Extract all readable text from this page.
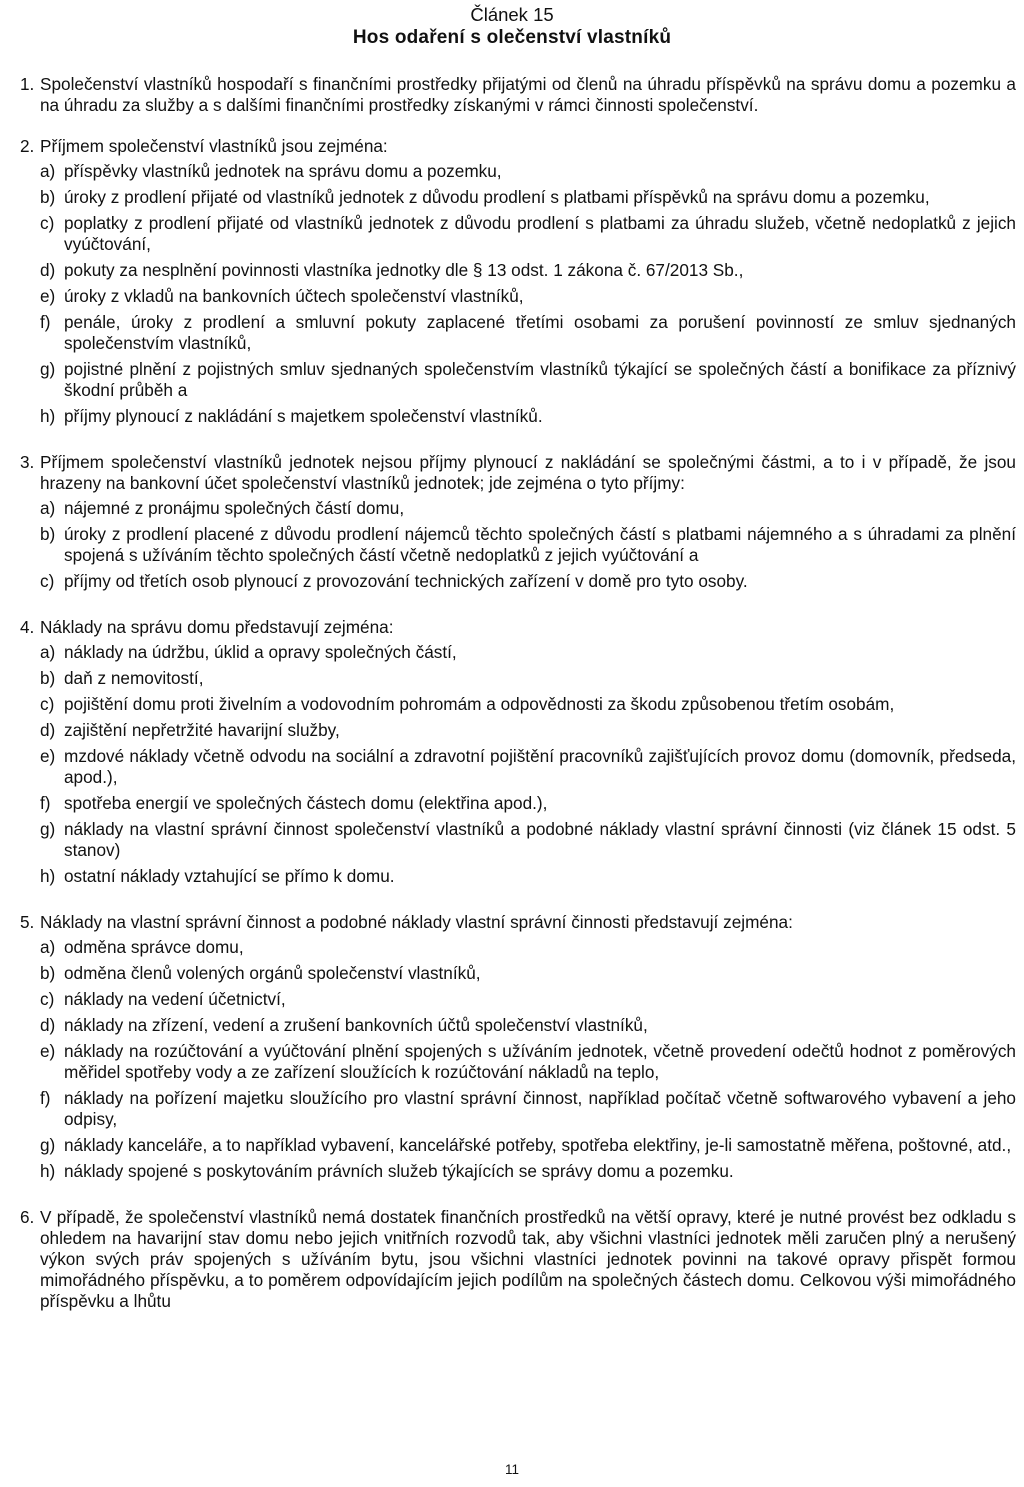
Článek 15
Hos odaření s olečenství vlastníků
1. Společenství vlastníků hospodaří s finančními prostředky přijatými od členů na úhradu příspěvků na správu domu a pozemku a na úhradu za služby a s dalšími finančními prostředky získanými v rámci činnosti společenství.
2. Příjmem společenství vlastníků jsou zejména:
a) příspěvky vlastníků jednotek na správu domu a pozemku,
b) úroky z prodlení přijaté od vlastníků jednotek z důvodu prodlení s platbami příspěvků na správu domu a pozemku,
c) poplatky z prodlení přijaté od vlastníků jednotek z důvodu prodlení s platbami za úhradu služeb, včetně nedoplatků z jejich vyúčtování,
d) pokuty za nesplnění povinnosti vlastníka jednotky dle § 13 odst. 1 zákona č. 67/2013 Sb.,
e) úroky z vkladů na bankovních účtech společenství vlastníků,
f) penále, úroky z prodlení a smluvní pokuty zaplacené třetími osobami za porušení povinností ze smluv sjednaných společenstvím vlastníků,
g) pojistné plnění z pojistných smluv sjednaných společenstvím vlastníků týkající se společných částí a bonifikace za příznivý škodní průběh a
h) příjmy plynoucí z nakládání s majetkem společenství vlastníků.
3. Příjmem společenství vlastníků jednotek nejsou příjmy plynoucí z nakládání se společnými částmi, a to i v případě, že jsou hrazeny na bankovní účet společenství vlastníků jednotek; jde zejména o tyto příjmy:
a) nájemné z pronájmu společných částí domu,
b) úroky z prodlení placené z důvodu prodlení nájemců těchto společných částí s platbami nájemného a s úhradami za plnění spojená s užíváním těchto společných částí včetně nedoplatků z jejich vyúčtování a
c) příjmy od třetích osob plynoucí z provozování technických zařízení v domě pro tyto osoby.
4. Náklady na správu domu představují zejména:
a) náklady na údržbu, úklid a opravy společných částí,
b) daň z nemovitostí,
c) pojištění domu proti živelním a vodovodním pohromám a odpovědnosti za škodu způsobenou třetím osobám,
d) zajištění nepřetržité havarijní služby,
e) mzdové náklady včetně odvodu na sociální a zdravotní pojištění pracovníků zajišťujících provoz domu (domovník, předseda, apod.),
f) spotřeba energií ve společných částech domu (elektřina apod.),
g) náklady na vlastní správní činnost společenství vlastníků a podobné náklady vlastní správní činnosti (viz článek 15 odst. 5 stanov)
h) ostatní náklady vztahující se přímo k domu.
5. Náklady na vlastní správní činnost a podobné náklady vlastní správní činnosti představují zejména:
a) odměna správce domu,
b) odměna členů volených orgánů společenství vlastníků,
c) náklady na vedení účetnictví,
d) náklady na zřízení, vedení a zrušení bankovních účtů společenství vlastníků,
e) náklady na rozúčtování a vyúčtování plnění spojených s užíváním jednotek, včetně provedení odečtů hodnot z poměrových měřidel spotřeby vody a ze zařízení sloužících k rozúčtování nákladů na teplo,
f) náklady na pořízení majetku sloužícího pro vlastní správní činnost, například počítač včetně softwarového vybavení a jeho odpisy,
g) náklady kanceláře, a to například vybavení, kancelářské potřeby, spotřeba elektřiny, je-li samostatně měřena, poštovné, atd.,
h) náklady spojené s poskytováním právních služeb týkajících se správy domu a pozemku.
6. V případě, že společenství vlastníků nemá dostatek finančních prostředků na větší opravy, které je nutné provést bez odkladu s ohledem na havarijní stav domu nebo jejich vnitřních rozvodů tak, aby všichni vlastníci jednotek měli zaručen plný a nerušený výkon svých práv spojených s užíváním bytu, jsou všichni vlastníci jednotek povinni na takové opravy přispět formou mimořádného příspěvku, a to poměrem odpovídajícím jejich podílům na společných částech domu. Celkovou výši mimořádného příspěvku a lhůtu
11
